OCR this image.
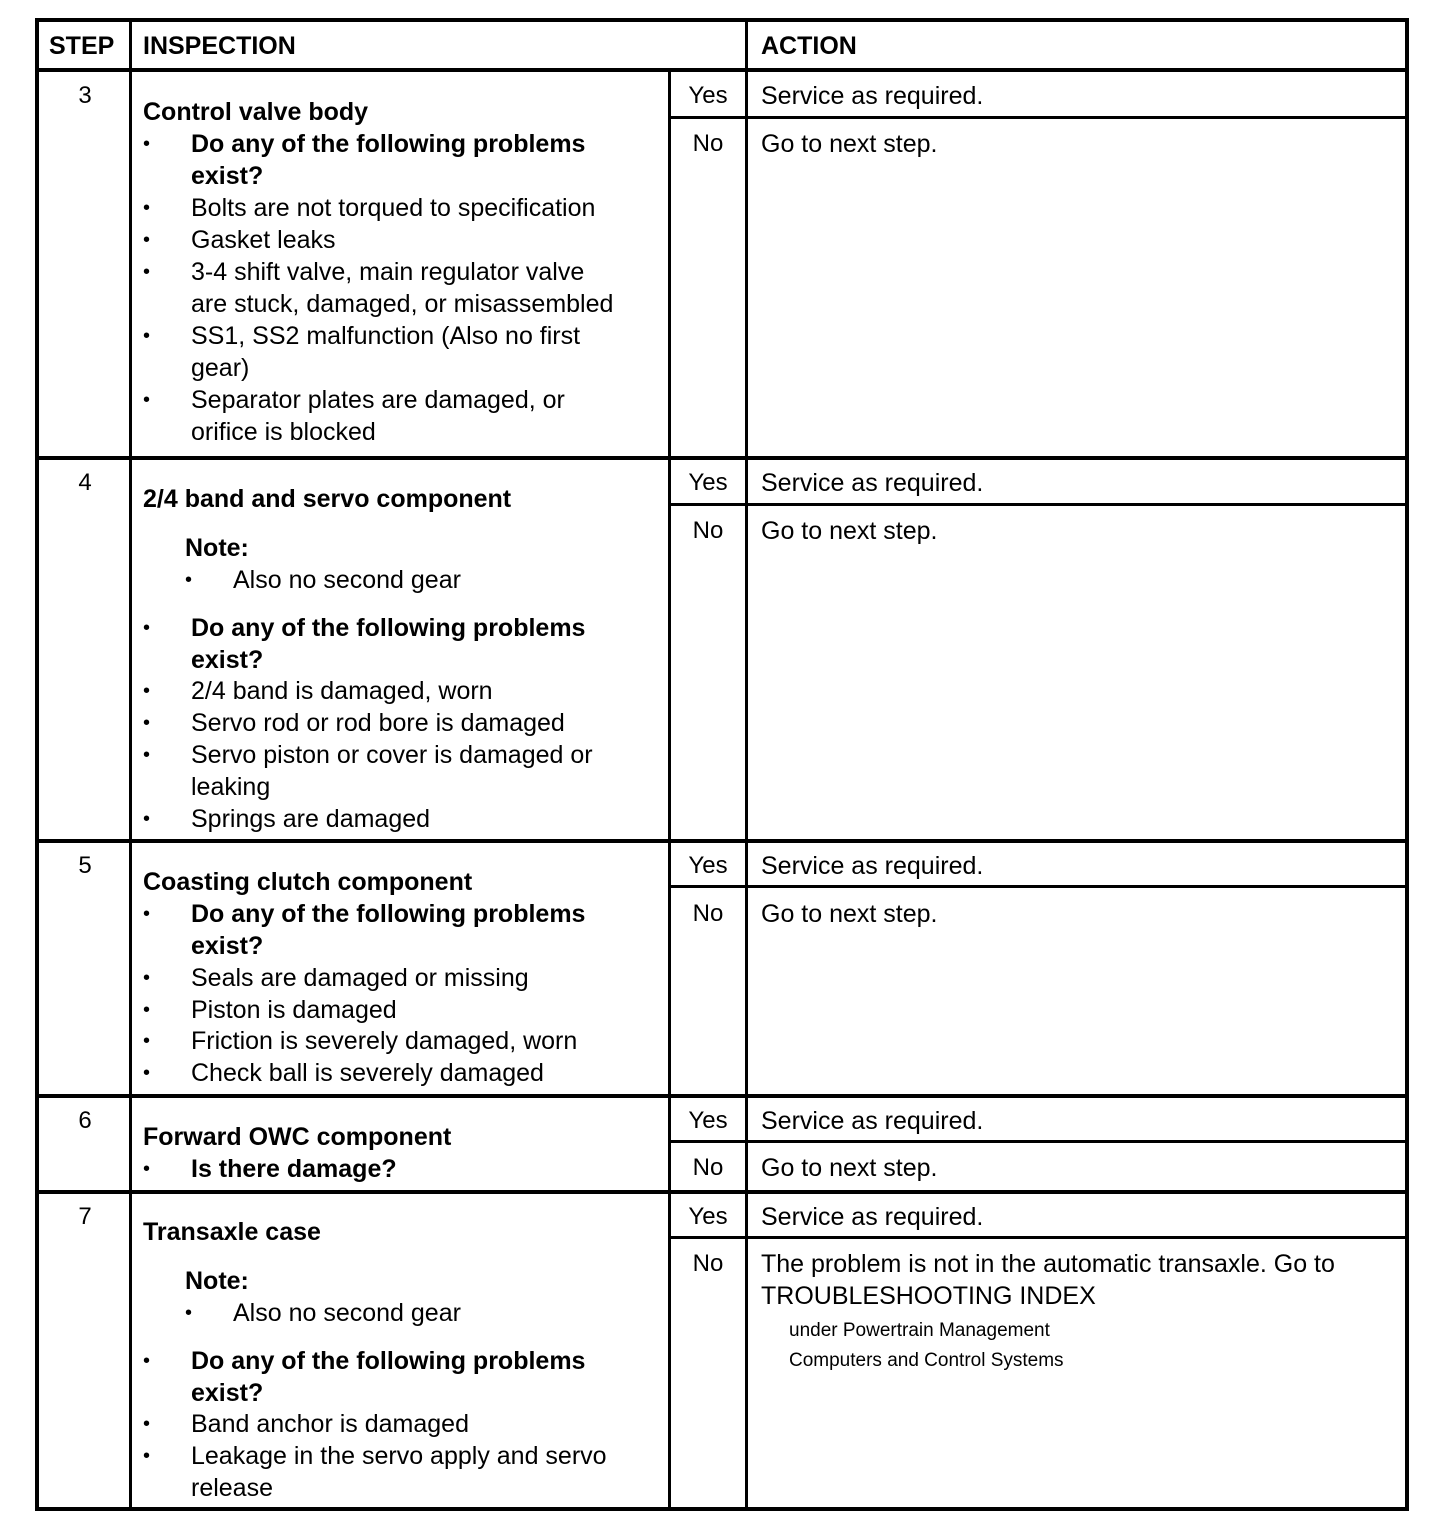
STEP INSPECTION	ACTION
3
Control valve body
• Do any of the following problems
exist?
• Bolts are not torqued to specification
• Gasket leaks
• 3-4 shift valve, main regulator valve
are stuck, damaged, or misassembled
• SS1, SS2 malfunction (Also no first
gear)
• Separator plates are damaged, or
orifice is blocked
Yes	Service as required.
No	Go to next step.
4
2/4 band and servo component
Note:
• Also no second gear
• Do any of the following problems
exist?
• 2/4 band is damaged, worn
• Servo rod or rod bore is damaged
• Servo piston or cover is damaged or
leaking
• Springs are damaged
Yes	Service as required.
No	Go to next step.
5
Coasting clutch component
• Do any of the following problems
exist?
• Seals are damaged or missing
• Piston is damaged
• Friction is severely damaged, worn
• Check ball is severely damaged
Yes	Service as required.
No	Go to next step.
6
Forward OWC component
• Is there damage?
Yes	Service as required.
No	Go to next step.
7
Transaxle case
Note:
• Also no second gear
• Do any of the following problems
exist?
• Band anchor is damaged
• Leakage in the servo apply and servo
release
Yes	Service as required.
No	The problem is not in the automatic transaxle. Go to
TROUBLESHOOTING INDEX
under Powertrain Management
Computers and Control Systems
